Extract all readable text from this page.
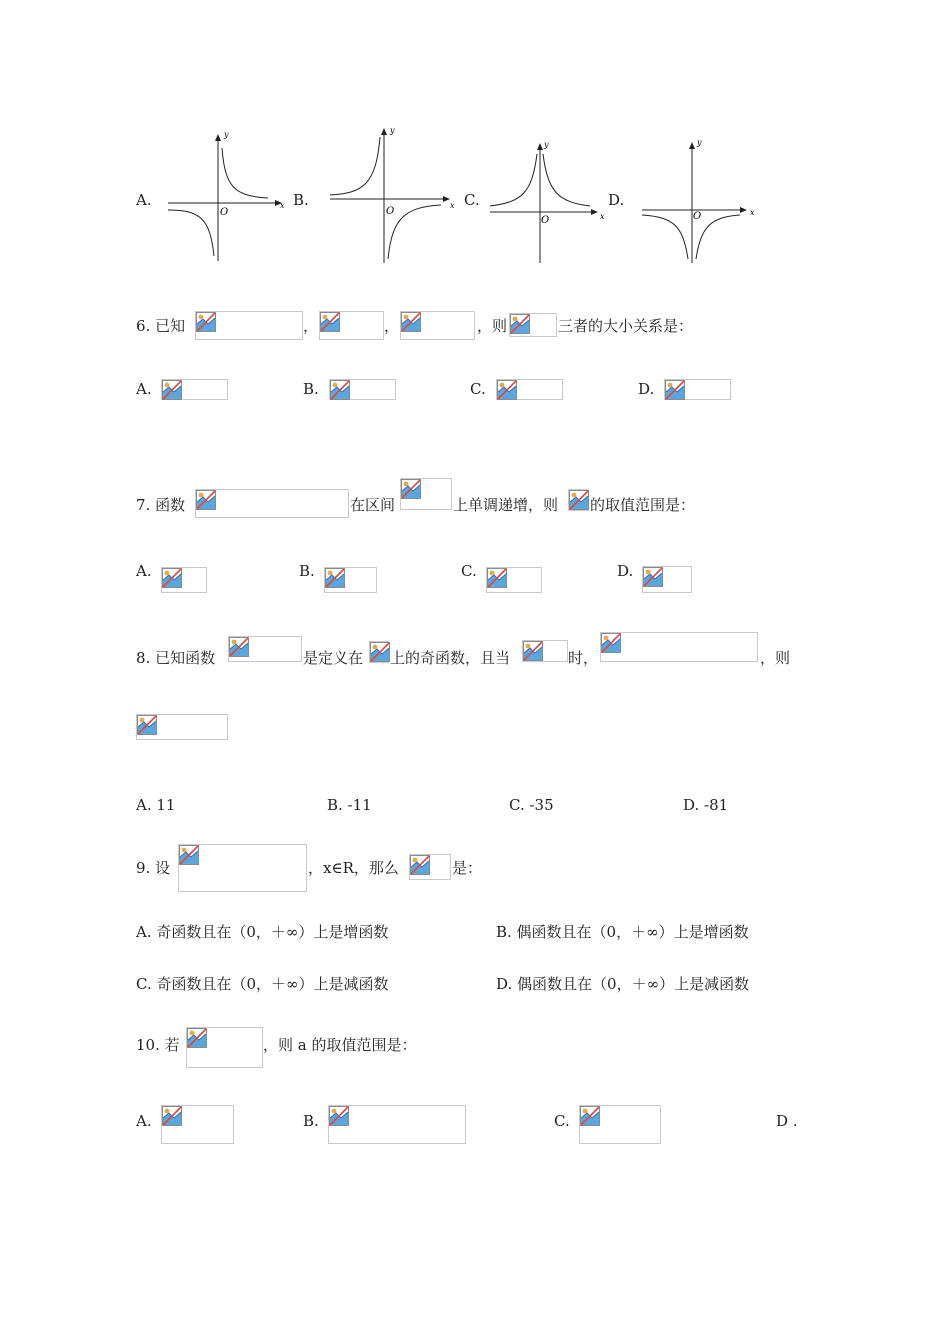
A.
y
x
O
B.
y
x
O
C.
y
x
O
D.
y
x
O
6. 已知	，	，	，则	三者的大小关系是：
A.	B.	C.	D.
7. 函数	在区间	上单调递增，则 的取值范围是：
A.	B.	C.	D.
8. 已知函数	是定义在 上的奇函数，且当	时，	，则
A. 11	B. -11	C. -35	D. -81
9. 设	，x∈R，那么	是：
A. 奇函数且在（0，＋∞）上是增函数	B. 偶函数且在（0，＋∞）上是增函数
C. 奇函数且在（0，＋∞）上是减函数	D. 偶函数且在（0，＋∞）上是减函数
10. 若	，则 a 的取值范围是：
A.	B.	C.	D .
